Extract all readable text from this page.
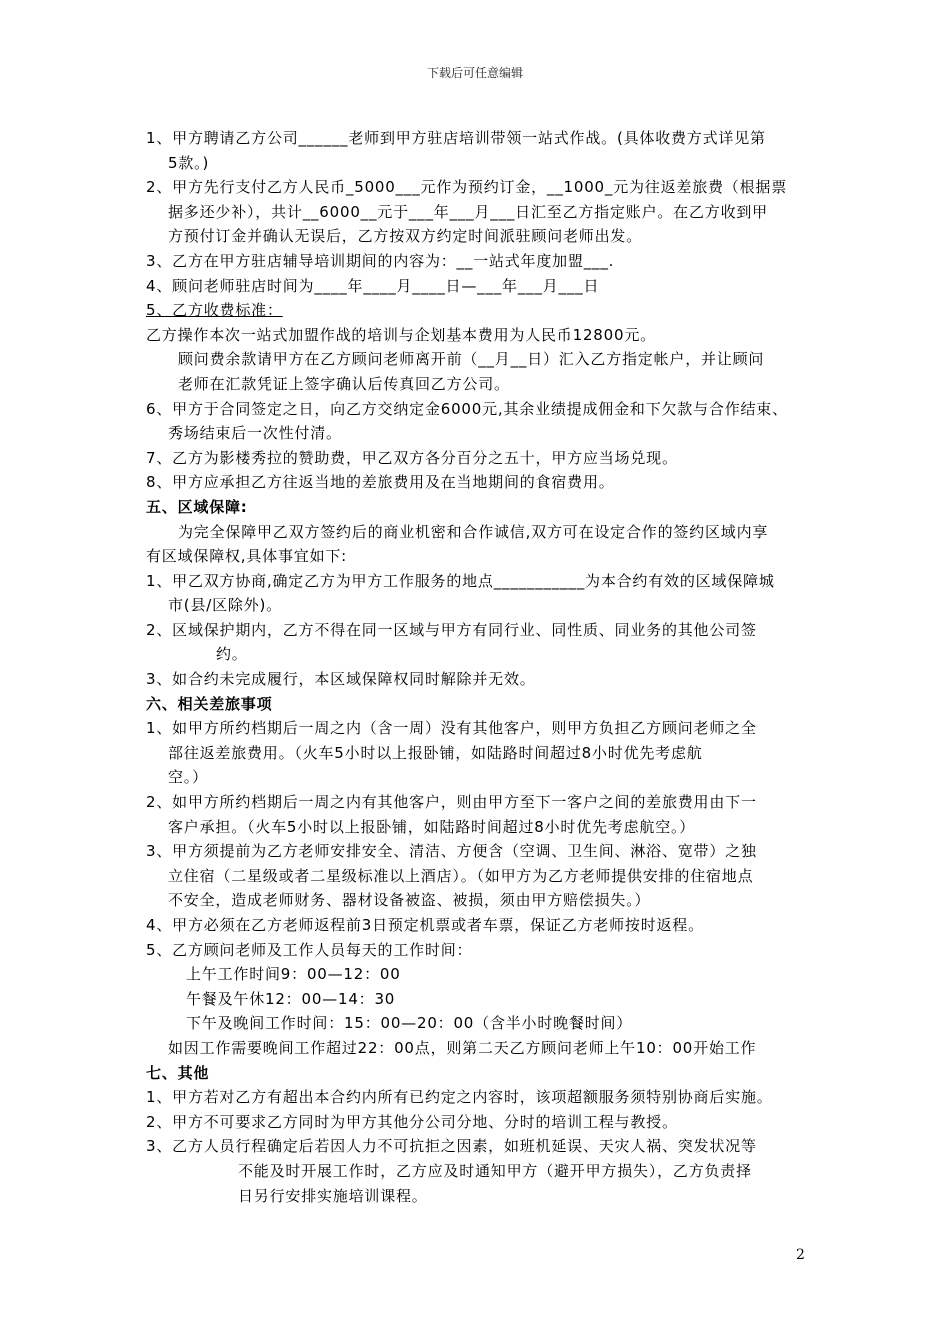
下载后可任意编辑
1、甲方聘请乙方公司______老师到甲方驻店培训带领一站式作战。(具体收费方式详见第
5款。)
2、甲方先行支付乙方人民币_5000___元作为预约订金，__1000_元为往返差旅费（根据票
据多还少补），共计__6000__元于___年___月___日汇至乙方指定账户。在乙方收到甲
方预付订金并确认无误后，乙方按双方约定时间派驻顾问老师出发。
3、乙方在甲方驻店辅导培训期间的内容为：__一站式年度加盟___.
4、顾问老师驻店时间为____年____月____日—___年___月___日
5、乙方收费标准：
乙方操作本次一站式加盟作战的培训与企划基本费用为人民币12800元。
顾问费余款请甲方在乙方顾问老师离开前（__月__日）汇入乙方指定帐户，并让顾问
老师在汇款凭证上签字确认后传真回乙方公司。
6、甲方于合同签定之日，向乙方交纳定金6000元,其余业绩提成佣金和下欠款与合作结束、
秀场结束后一次性付清。
7、乙方为影楼秀拉的赞助费，甲乙双方各分百分之五十，甲方应当场兑现。
8、甲方应承担乙方往返当地的差旅费用及在当地期间的食宿费用。
五、区域保障:
为完全保障甲乙双方签约后的商业机密和合作诚信,双方可在设定合作的签约区域内享
有区域保障权,具体事宜如下:
1、甲乙双方协商,确定乙方为甲方工作服务的地点___________为本合约有效的区域保障城
市(县/区除外)。
2、区域保护期内，乙方不得在同一区域与甲方有同行业、同性质、同业务的其他公司签
约。
3、如合约未完成履行，本区域保障权同时解除并无效。
六、相关差旅事项
1、如甲方所约档期后一周之内（含一周）没有其他客户，则甲方负担乙方顾问老师之全
部往返差旅费用。（火车5小时以上报卧铺，如陆路时间超过8小时优先考虑航
空。）
2、如甲方所约档期后一周之内有其他客户，则由甲方至下一客户之间的差旅费用由下一
客户承担。（火车5小时以上报卧铺，如陆路时间超过8小时优先考虑航空。）
3、甲方须提前为乙方老师安排安全、清洁、方便含（空调、卫生间、淋浴、宽带）之独
立住宿（二星级或者二星级标准以上酒店）。（如甲方为乙方老师提供安排的住宿地点
不安全，造成老师财务、器材设备被盗、被损，须由甲方赔偿损失。）
4、甲方必须在乙方老师返程前3日预定机票或者车票，保证乙方老师按时返程。
5、乙方顾问老师及工作人员每天的工作时间：
上午工作时间9：00—12：00
午餐及午休12：00—14：30
下午及晚间工作时间：15：00—20：00（含半小时晚餐时间）
如因工作需要晚间工作超过22：00点，则第二天乙方顾问老师上午10：00开始工作
七、其他
1、甲方若对乙方有超出本合约内所有已约定之内容时，该项超额服务须特别协商后实施。
2、甲方不可要求乙方同时为甲方其他分公司分地、分时的培训工程与教授。
3、乙方人员行程确定后若因人力不可抗拒之因素，如班机延误、天灾人祸、突发状况等
不能及时开展工作时，乙方应及时通知甲方（避开甲方损失），乙方负责择
日另行安排实施培训课程。
2
